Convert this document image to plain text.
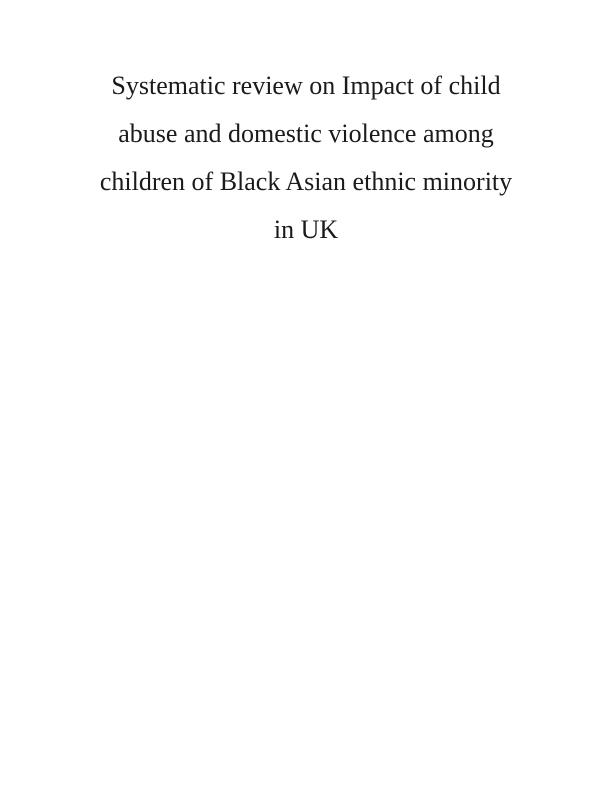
Systematic review on Impact of child
abuse and domestic violence among
children of Black Asian ethnic minority
in UK
